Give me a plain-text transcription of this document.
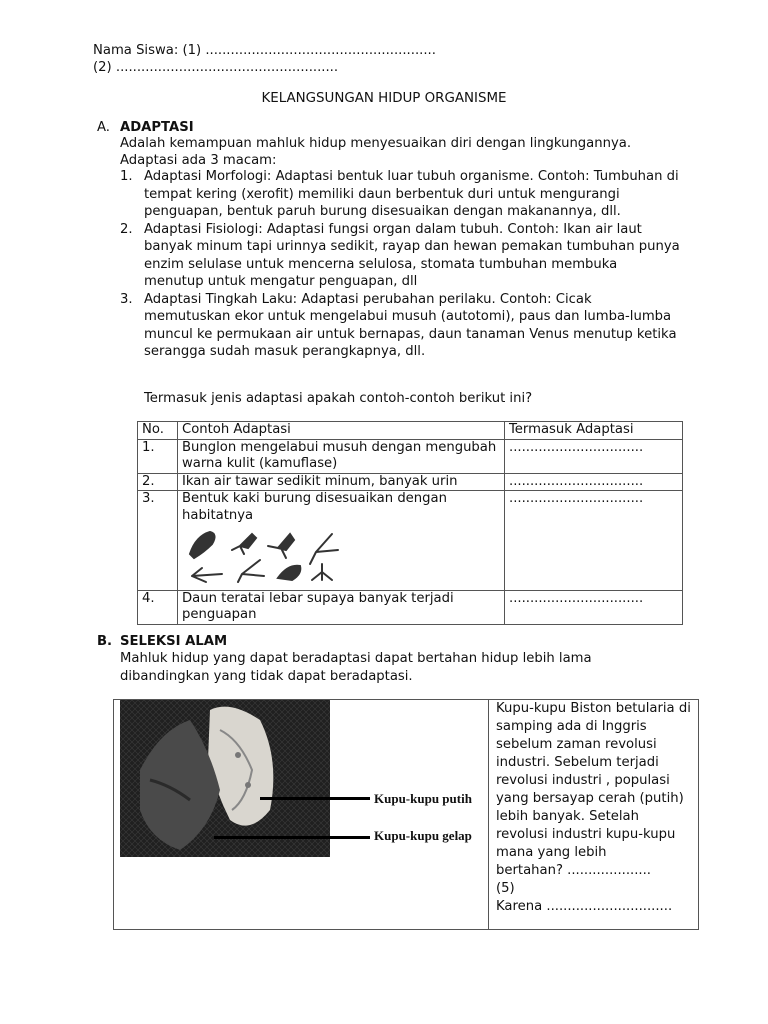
Nama Siswa: (1) .......................................................
(2) .....................................................
KELANGSUNGAN HIDUP ORGANISME
A. ADAPTASI
Adalah kemampuan mahluk hidup menyesuaikan diri dengan lingkungannya.
Adaptasi ada 3 macam:
1. Adaptasi Morfologi: Adaptasi bentuk luar tubuh organisme. Contoh: Tumbuhan di tempat kering (xerofit) memiliki daun berbentuk duri untuk mengurangi penguapan, bentuk paruh burung disesuaikan dengan makanannya, dll.
2. Adaptasi Fisiologi: Adaptasi fungsi organ dalam tubuh. Contoh: Ikan air laut banyak minum tapi urinnya sedikit, rayap dan hewan pemakan tumbuhan punya enzim selulase untuk mencerna selulosa, stomata tumbuhan membuka menutup untuk mengatur penguapan, dll
3. Adaptasi Tingkah Laku: Adaptasi perubahan perilaku. Contoh: Cicak memutuskan ekor untuk mengelabui musuh (autotomi), paus dan lumba-lumba muncul ke permukaan air untuk bernapas, daun tanaman Venus menutup ketika serangga sudah masuk perangkapnya, dll.
Termasuk jenis adaptasi apakah contoh-contoh berikut ini?
No.	Contoh Adaptasi	Termasuk Adaptasi
1.	Bunglon mengelabui musuh dengan mengubah warna kulit (kamuflase)	................................
2.	Ikan air tawar sedikit minum, banyak urin	................................
3.	Bentuk kaki burung disesuaikan dengan habitatnya	................................
4.	Daun teratai lebar supaya banyak terjadi penguapan	................................
B. SELEKSI ALAM
Mahluk hidup yang dapat beradaptasi dapat bertahan hidup lebih lama dibandingkan yang tidak dapat beradaptasi.
Kupu-kupu putih
Kupu-kupu gelap
Kupu-kupu Biston betularia di samping ada di Inggris sebelum zaman revolusi industri. Sebelum terjadi revolusi industri , populasi yang bersayap cerah (putih) lebih banyak. Setelah revolusi industri kupu-kupu mana yang lebih
bertahan? ....................
(5)
Karena ..............................
